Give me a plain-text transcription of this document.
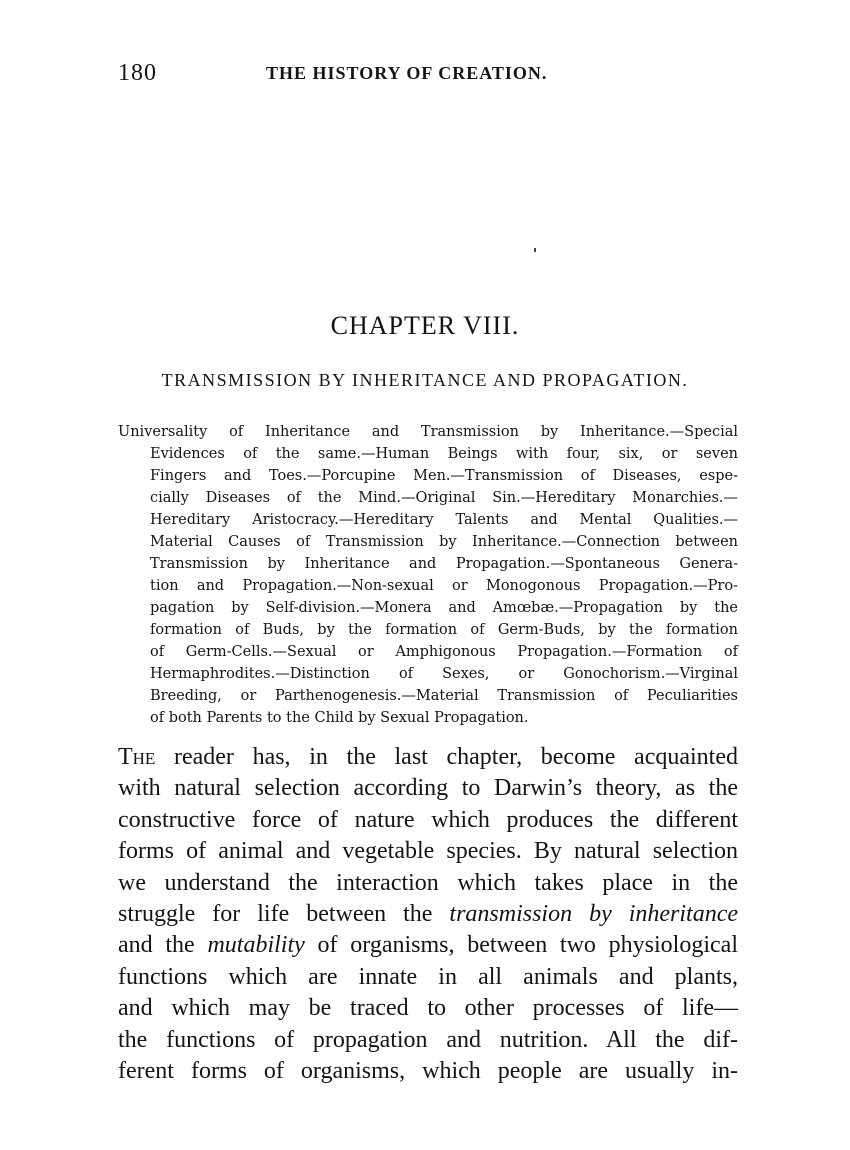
180	THE HISTORY OF CREATION.
CHAPTER VIII.
TRANSMISSION BY INHERITANCE AND PROPAGATION.
Universality of Inheritance and Transmission by Inheritance.—Special
Evidences of the same.—Human Beings with four, six, or seven
Fingers and Toes.—Porcupine Men.—Transmission of Diseases, espe-
cially Diseases of the Mind.—Original Sin.—Hereditary Monarchies.—
Hereditary Aristocracy.—Hereditary Talents and Mental Qualities.—
Material Causes of Transmission by Inheritance.—Connection between
Transmission by Inheritance and Propagation.—Spontaneous Genera-
tion and Propagation.—Non-sexual or Monogonous Propagation.—Pro-
pagation by Self-division.—Monera and Amœbæ.—Propagation by the
formation of Buds, by the formation of Germ-Buds, by the formation
of Germ-Cells.—Sexual or Amphigonous Propagation.—Formation of
Hermaphrodites.—Distinction of Sexes, or Gonochorism.—Virginal
Breeding, or Parthenogenesis.—Material Transmission of Peculiarities
of both Parents to the Child by Sexual Propagation.
The reader has, in the last chapter, become acquainted
with natural selection according to Darwin’s theory, as the
constructive force of nature which produces the different
forms of animal and vegetable species. By natural selection
we understand the interaction which takes place in the
struggle for life between the transmission by inheritance
and the mutability of organisms, between two physiological
functions which are innate in all animals and plants,
and which may be traced to other processes of life—
the functions of propagation and nutrition. All the dif-
ferent forms of organisms, which people are usually in-
